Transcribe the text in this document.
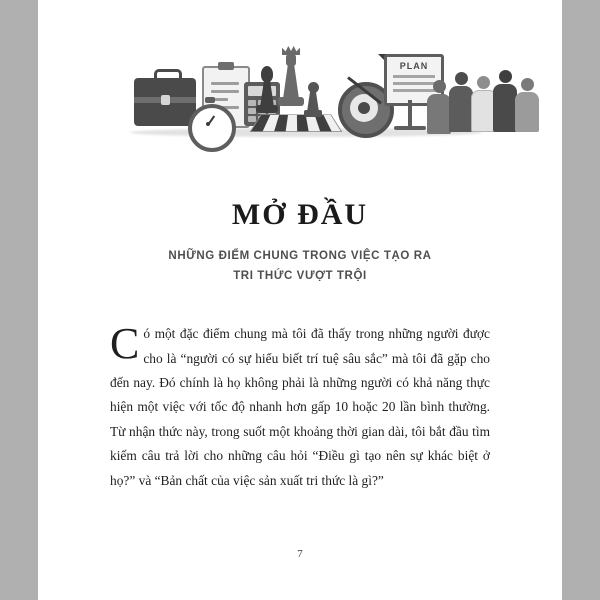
PLAN
MỞ ĐẦU
NHỮNG ĐIỂM CHUNG TRONG VIỆC TẠO RA
TRI THỨC VƯỢT TRỘI
Có một đặc điểm chung mà tôi đã thấy trong những người được cho là “người có sự hiểu biết trí tuệ sâu sắc” mà tôi đã gặp cho đến nay. Đó chính là họ không phải là những người có khả năng thực hiện một việc với tốc độ nhanh hơn gấp 10 hoặc 20 lần bình thường. Từ nhận thức này, trong suốt một khoảng thời gian dài, tôi bắt đầu tìm kiếm câu trả lời cho những câu hỏi “Điều gì tạo nên sự khác biệt ở họ?” và “Bản chất của việc sản xuất tri thức là gì?”
7
